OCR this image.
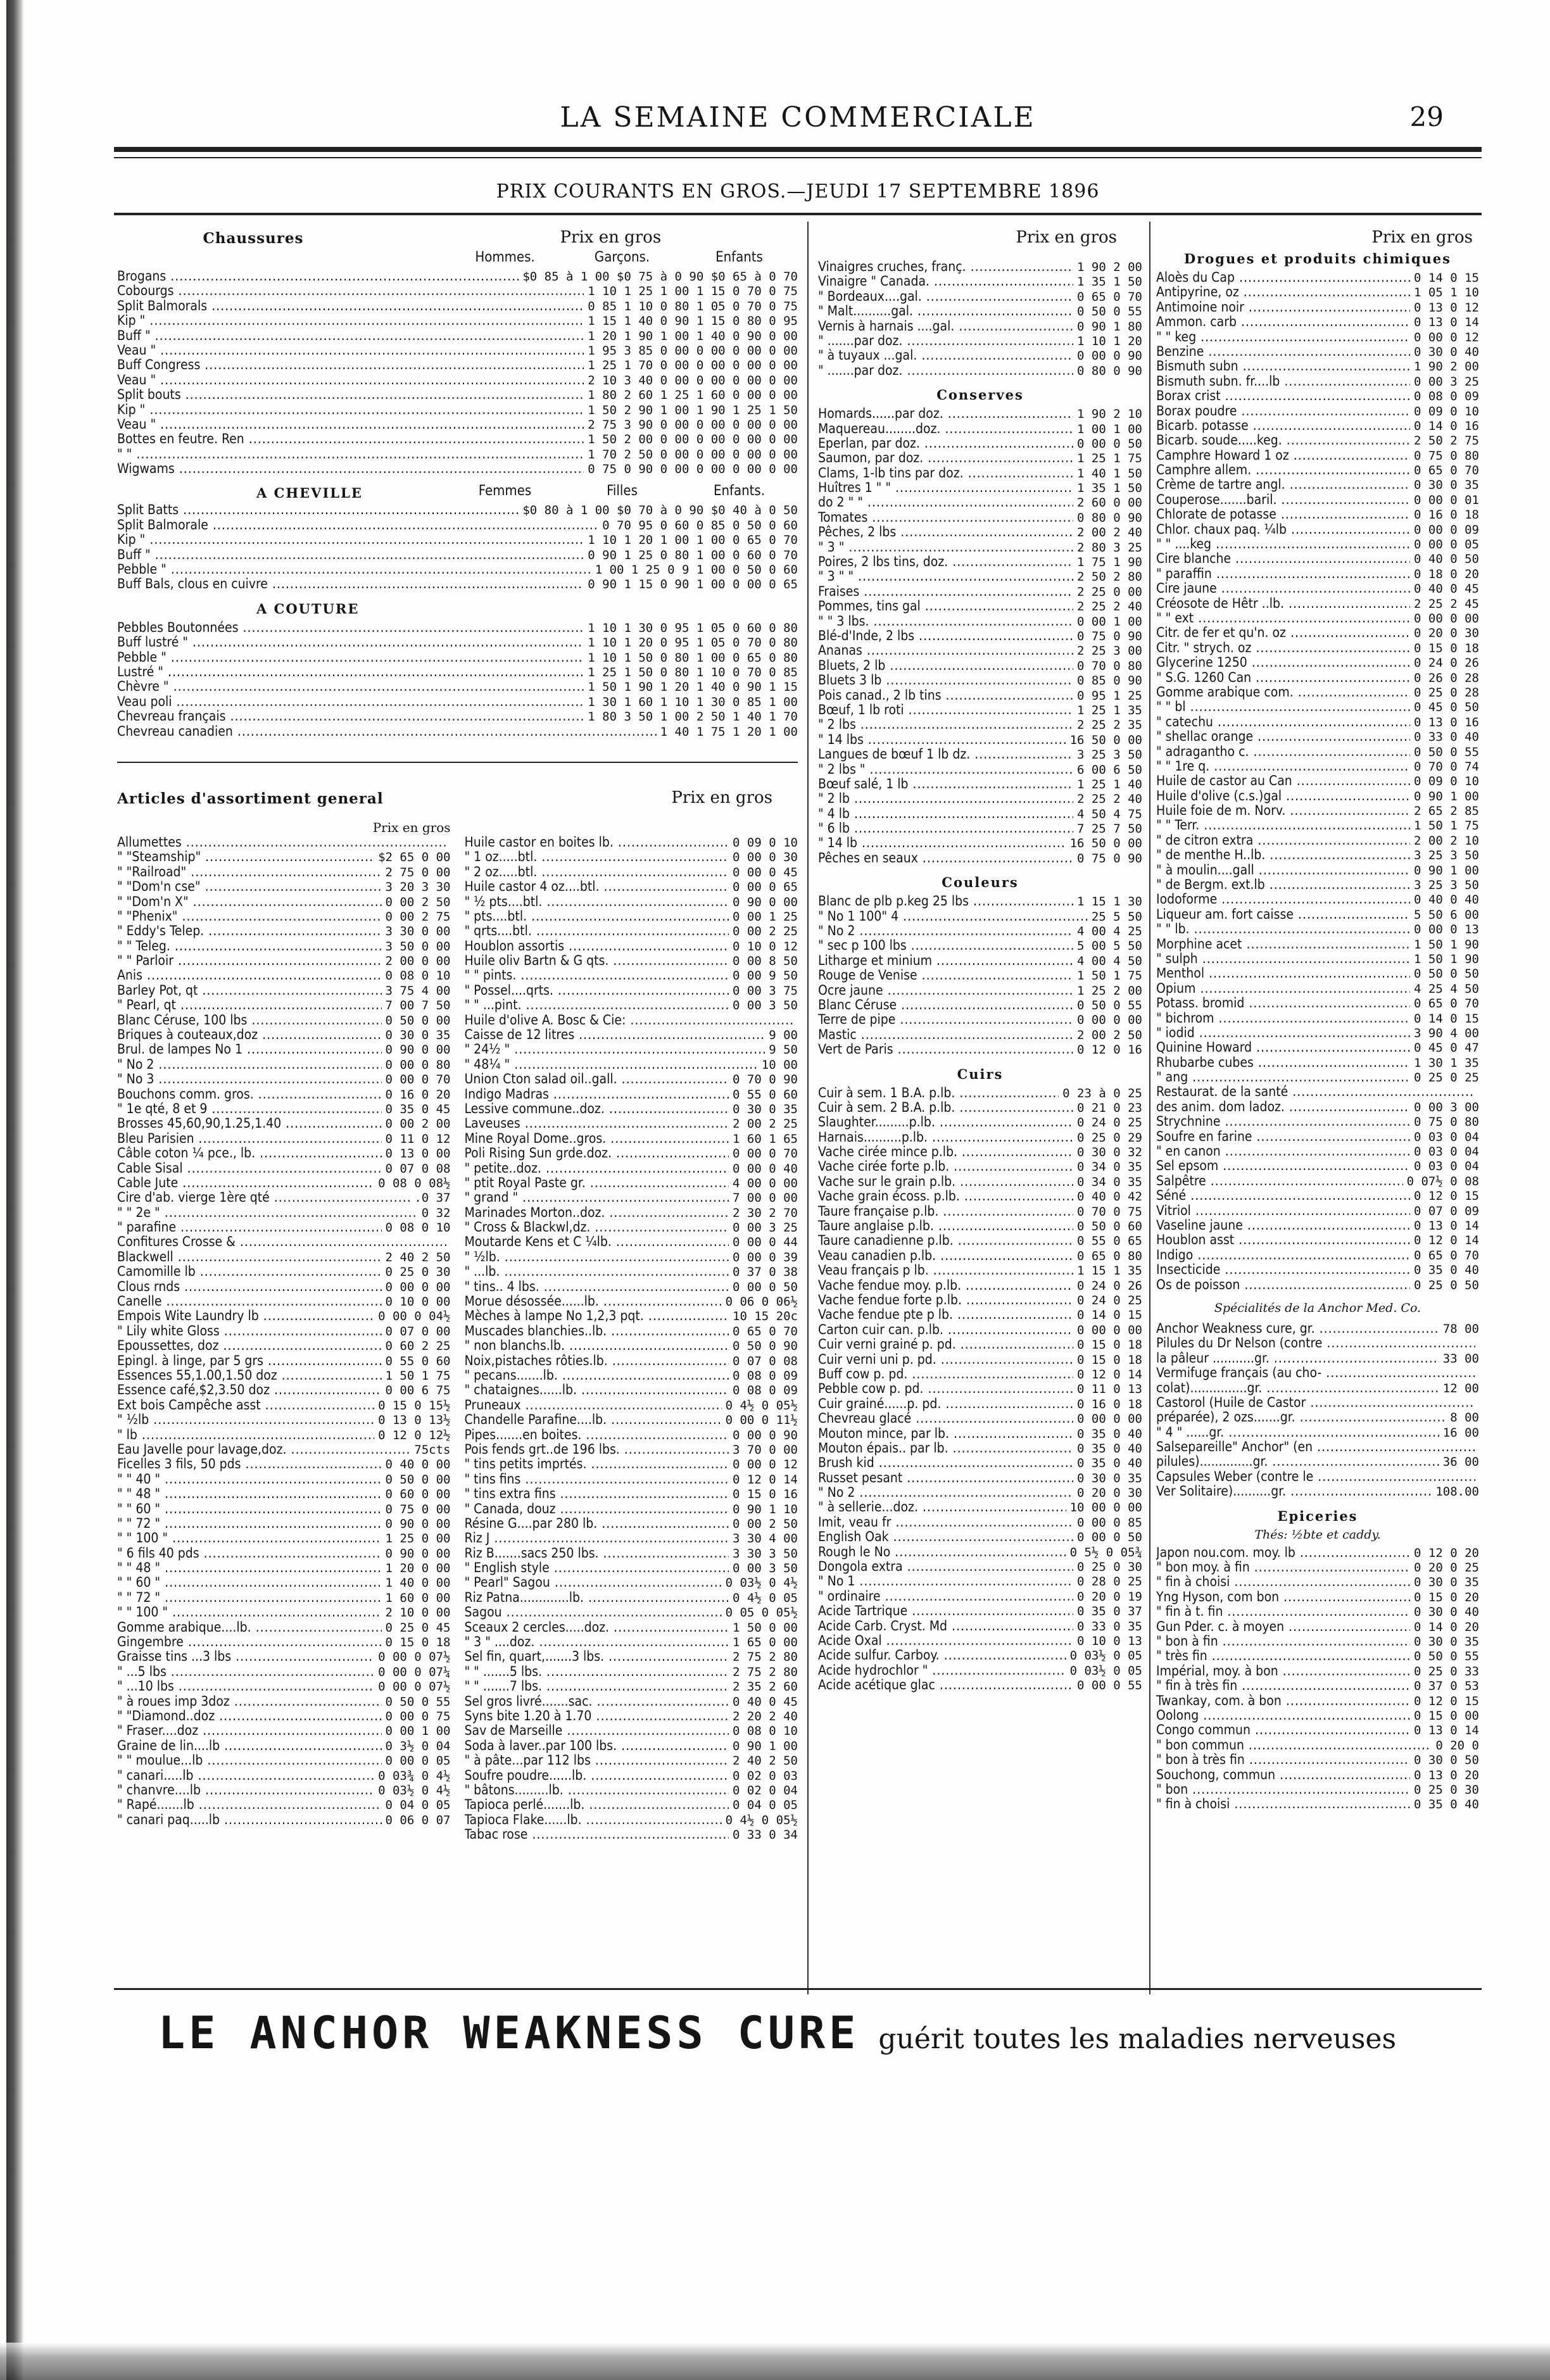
LA SEMAINE COMMERCIALE	29
PRIX COURANTS EN GROS.—JEUDI 17 SEPTEMBRE 1896
Chaussures	Prix en gros
Hommes.	Garçons.	Enfants
Brogans .....	$0 85 à 1 00 $0 75 à 0 90 $0 65 à 0 70
Cobourgs .....	1 10 1 25 1 00 1 15 0 70 0 75
Split Balmorals .....	0 85 1 10 0 80 1 05 0 70 0 75
Kip " .....	1 15 1 40 0 90 1 15 0 80 0 95
Buff " .....	1 20 1 90 1 00 1 40 0 90 0 00
Veau " .....	1 95 3 85 0 00 0 00 0 00 0 00
Buff Congress .....	1 25 1 70 0 00 0 00 0 00 0 00
Veau " .....	2 10 3 40 0 00 0 00 0 00 0 00
Split bouts .....	1 80 2 60 1 25 1 60 0 00 0 00
Kip " .....	1 50 2 90 1 00 1 90 1 25 1 50
Veau " .....	2 75 3 90 0 00 0 00 0 00 0 00
Bottes en feutre. Ren .....	1 50 2 00 0 00 0 00 0 00 0 00
" " .....	1 70 2 50 0 00 0 00 0 00 0 00
Wigwams .....	0 75 0 90 0 00 0 00 0 00 0 00
A CHEVILLE	Femmes	Filles	Enfants.
Split Batts .....	$0 80 à 1 00 $0 70 à 0 90 $0 40 à 0 50
Split Balmorale .....	0 70 95 0 60 0 85 0 50 0 60
Kip " .....	1 10 1 20 1 00 1 00 0 65 0 70
Buff " .....	0 90 1 25 0 80 1 00 0 60 0 70
Pebble " .....	1 00 1 25 0 9 1 00 0 50 0 60
Buff Bals, clous en cuivre .....	0 90 1 15 0 90 1 00 0 00 0 65
A COUTURE
Pebbles Boutonnées .....	1 10 1 30 0 95 1 05 0 60 0 80
Buff lustré " .....	1 10 1 20 0 95 1 05 0 70 0 80
Pebble " .....	1 10 1 50 0 80 1 00 0 65 0 80
Lustré " .....	1 25 1 50 0 80 1 10 0 70 0 85
Chèvre " .....	1 50 1 90 1 20 1 40 0 90 1 15
Veau poli .....	1 30 1 60 1 10 1 30 0 85 1 00
Chevreau français .....	1 80 3 50 1 00 2 50 1 40 1 70
Chevreau canadien .....	1 40 1 75 1 20 1 00
Articles d'assortiment general	Prix en gros
Prix en gros
Allumettes .....
" "Steamship" .....	$2 65 0 00
" "Railroad" .....	2 75 0 00
" "Dom'n cse" .....	3 20 3 30
" "Dom'n X" .....	0 00 2 50
" "Phenix" .....	0 00 2 75
" Eddy's Telep. .....	3 30 0 00
" " Teleg. .....	3 50 0 00
" " Parloir .....	2 00 0 00
Anis .....	0 08 0 10
Barley Pot, qt .....	3 75 4 00
" Pearl, qt .....	7 00 7 50
Blanc Céruse, 100 lbs .....	0 50 0 00
Briques à couteaux,doz .....	0 30 0 35
Brul. de lampes No 1 .....	0 90 0 00
" No 2 .....	0 00 0 80
" No 3 .....	0 00 0 70
Bouchons comm. gros. .....	0 16 0 20
" 1e qté, 8 et 9 .....	0 35 0 45
Brosses 45,60,90,1.25,1.40 .....	0 00 2 00
Bleu Parisien .....	0 11 0 12
Câble coton ¼ pce., lb. .....	0 13 0 00
Cable Sisal .....	0 07 0 08
Cable Jute .....	0 08 0 08½
Cire d'ab. vierge 1ère qté .....	.0 37
" " 2e " .....	0 32
" parafine .....	0 08 0 10
Confitures Crosse & .....
Blackwell .....	2 40 2 50
Camomille lb .....	0 25 0 30
Clous rnds .....	0 00 0 00
Canelle .....	0 10 0 00
Empois Wite Laundry lb .....	0 00 0 04½
" Lily white Gloss .....	0 07 0 00
Epoussettes, doz .....	0 60 2 25
Epingl. à linge, par 5 grs .....	0 55 0 60
Essences 55,1.00,1.50 doz .....	1 50 1 75
Essence café,$2,3.50 doz .....	0 00 6 75
Ext bois Campêche asst .....	0 15 0 15½
" ½lb .....	0 13 0 13½
" lb .....	0 12 0 12½
Eau Javelle pour lavage,doz. .....	75cts
Ficelles 3 fils, 50 pds .....	0 40 0 00
" " 40 " .....	0 50 0 00
" " 48 " .....	0 60 0 00
" " 60 " .....	0 75 0 00
" " 72 " .....	0 90 0 00
" " 100 " .....	1 25 0 00
" 6 fils 40 pds .....	0 90 0 00
" " 48 " .....	1 20 0 00
" " 60 " .....	1 40 0 00
" " 72 " .....	1 60 0 00
" " 100 " .....	2 10 0 00
Gomme arabique....lb. .....	0 25 0 45
Gingembre .....	0 15 0 18
Graisse tins ...3 lbs .....	0 00 0 07½
" ...5 lbs .....	0 00 0 07¼
" ...10 lbs .....	0 00 0 07½
" à roues imp 3doz .....	0 50 0 55
" "Diamond..doz .....	0 00 0 75
" Fraser....doz .....	0 00 1 00
Graine de lin....lb .....	0 3½ 0 04
" " moulue...lb .....	0 00 0 05
" canari.....lb .....	0 03¾ 0 4½
" chanvre....lb .....	0 03½ 0 4½
" Rapé.......lb .....	0 04 0 05
" canari paq.....lb .....	0 06 0 07
Huile castor en boites lb. .....	0 09 0 10
" 1 oz.....btl. .....	0 00 0 30
" 2 oz.....btl. .....	0 00 0 45
Huile castor 4 oz....btl. .....	0 00 0 65
" ½ pts....btl. .....	0 90 0 00
" pts....btl. .....	0 00 1 25
" qrts....btl. .....	0 00 2 25
Houblon assortis .....	0 10 0 12
Huile oliv Bartn & G qts. .....	0 00 8 50
" " pints. .....	0 00 9 50
" Possel....qrts. .....	0 00 3 75
" " ...pint. .....	0 00 3 50
Huile d'olive A. Bosc & Cie: .....
Caisse de 12 litres .....	9 00
" 24½ " .....	9 50
" 48¼ " .....	10 00
Union Cton salad oil..gall. .....	0 70 0 90
Indigo Madras .....	0 55 0 60
Lessive commune..doz. .....	0 30 0 35
Laveuses .....	2 00 2 25
Mine Royal Dome..gros. .....	1 60 1 65
Poli Rising Sun grde.doz. .....	0 00 0 70
" petite..doz. .....	0 00 0 40
" ptit Royal Paste gr. .....	4 00 0 00
" grand " .....	7 00 0 00
Marinades Morton..doz. .....	2 30 2 70
" Cross & Blackwl,dz. .....	0 00 3 25
Moutarde Kens et C ¼lb. .....	0 00 0 44
" ½lb. .....	0 00 0 39
" ...lb. .....	0 37 0 38
" tins.. 4 lbs. .....	0 00 0 50
Morue désossée......lb. .....	0 06 0 06½
Mèches à lampe No 1,2,3 pqt. .....	10 15 20c
Muscades blanchies..lb. .....	0 65 0 70
" non blanchs.lb. .....	0 50 0 90
Noix,pistaches rôties.lb. .....	0 07 0 08
" pecans.......lb. .....	0 08 0 09
" chataignes......lb. .....	0 08 0 09
Pruneaux .....	0 4½ 0 05½
Chandelle Parafine....lb. .....	0 00 0 11½
Pipes.......en boites. .....	0 00 0 90
Pois fends grt..de 196 lbs. .....	3 70 0 00
" tins petits imprtés. .....	0 00 0 12
" tins fins .....	0 12 0 14
" tins extra fins .....	0 15 0 16
" Canada, douz .....	0 90 1 10
Résine G....par 280 lb. .....	0 00 2 50
Riz J .....	3 30 4 00
Riz B.......sacs 250 lbs. .....	3 30 3 50
" English style .....	0 00 3 50
" Pearl" Sagou .....	0 03½ 0 4½
Riz Patna.............lb. .....	0 4½ 0 05
Sagou .....	0 05 0 05½
Sceaux 2 cercles.....doz. .....	1 50 0 00
" 3 " ....doz. .....	1 65 0 00
Sel fin, quart,.......3 lbs. .....	2 75 2 80
" " .......5 lbs. .....	2 75 2 80
" " .......7 lbs. .....	2 35 2 60
Sel gros livré.......sac. .....	0 40 0 45
Syns bite 1.20 à 1.70 .....	2 20 2 40
Sav de Marseille .....	0 08 0 10
Soda à laver..par 100 lbs. .....	0 90 1 00
" à pâte...par 112 lbs .....	2 40 2 50
Soufre poudre......lb. .....	0 02 0 03
" bâtons.........lb. .....	0 02 0 04
Tapioca perlé.......lb. .....	0 04 0 05
Tapioca Flake......lb. .....	0 4½ 0 05½
Tabac rose .....	0 33 0 34
Prix en gros
Vinaigres cruches, franç. .....	1 90 2 00
Vinaigre " Canada. .....	1 35 1 50
" Bordeaux....gal. .....	0 65 0 70
" Malt..........gal. .....	0 50 0 55
Vernis à harnais ....gal. .....	0 90 1 80
" .......par doz. .....	1 10 1 20
" à tuyaux ...gal. .....	0 00 0 90
" .......par doz. .....	0 80 0 90
Conserves
Homards......par doz. .....	1 90 2 10
Maquereau........doz. .....	1 00 1 00
Eperlan, par doz. .....	0 00 0 50
Saumon, par doz. .....	1 25 1 75
Clams, 1-lb tins par doz. .....	1 40 1 50
Huîtres 1 " " .....	1 35 1 50
do 2 " " .....	2 60 0 00
Tomates .....	0 80 0 90
Pêches, 2 lbs .....	2 00 2 40
" 3 " .....	2 80 3 25
Poires, 2 lbs tins, doz. .....	1 75 1 90
" 3 " " .....	2 50 2 80
Fraises .....	2 25 0 00
Pommes, tins gal .....	2 25 2 40
" " 3 lbs. .....	0 00 1 00
Blé-d'Inde, 2 lbs .....	0 75 0 90
Ananas .....	2 25 3 00
Bluets, 2 lb .....	0 70 0 80
Bluets 3 lb .....	0 85 0 90
Pois canad., 2 lb tins .....	0 95 1 25
Bœuf, 1 lb roti .....	1 25 1 35
" 2 lbs .....	2 25 2 35
" 14 lbs .....	16 50 0 00
Langues de bœuf 1 lb dz. .....	3 25 3 50
" 2 lbs " .....	6 00 6 50
Bœuf salé, 1 lb .....	1 25 1 40
" 2 lb .....	2 25 2 40
" 4 lb .....	4 50 4 75
" 6 lb .....	7 25 7 50
" 14 lb .....	16 50 0 00
Pêches en seaux .....	0 75 0 90
Couleurs
Blanc de plb p.keg 25 lbs .....	1 15 1 30
" No 1 100" 4 .....	25 5 50
" No 2 .....	4 00 4 25
" sec p 100 lbs .....	5 00 5 50
Litharge et minium .....	4 00 4 50
Rouge de Venise .....	1 50 1 75
Ocre jaune .....	1 25 2 00
Blanc Céruse .....	0 50 0 55
Terre de pipe .....	0 00 0 00
Mastic .....	2 00 2 50
Vert de Paris .....	0 12 0 16
Cuirs
Cuir à sem. 1 B.A. p.lb. .....	0 23 à 0 25
Cuir à sem. 2 B.A. p.lb. .....	0 21 0 23
Slaughter.........p.lb. .....	0 24 0 25
Harnais..........p.lb. .....	0 25 0 29
Vache cirée mince p.lb. .....	0 30 0 32
Vache cirée forte p.lb. .....	0 34 0 35
Vache sur le grain p.lb. .....	0 34 0 35
Vache grain écoss. p.lb. .....	0 40 0 42
Taure française p.lb. .....	0 70 0 75
Taure anglaise p.lb. .....	0 50 0 60
Taure canadienne p.lb. .....	0 55 0 65
Veau canadien p.lb. .....	0 65 0 80
Veau français p lb. .....	1 15 1 35
Vache fendue moy. p.lb. .....	0 24 0 26
Vache fendue forte p.lb. .....	0 24 0 25
Vache fendue pte p lb. .....	0 14 0 15
Carton cuir can. p.lb. .....	0 00 0 00
Cuir verni grainé p. pd. .....	0 15 0 18
Cuir verni uni p. pd. .....	0 15 0 18
Buff cow p. pd. .....	0 12 0 14
Pebble cow p. pd. .....	0 11 0 13
Cuir grainé......p. pd. .....	0 16 0 18
Chevreau glacé .....	0 00 0 00
Mouton mince, par lb. .....	0 35 0 40
Mouton épais.. par lb. .....	0 35 0 40
Brush kid .....	0 35 0 40
Russet pesant .....	0 30 0 35
" No 2 .....	0 20 0 30
" à sellerie...doz. .....	10 00 0 00
Imit, veau fr .....	0 00 0 85
English Oak .....	0 00 0 50
Rough le No .....	0 5½ 0 05¾
Dongola extra .....	0 25 0 30
" No 1 .....	0 28 0 25
" ordinaire .....	0 20 0 19
Acide Tartrique .....	0 35 0 37
Acide Carb. Cryst. Md .....	0 33 0 35
Acide Oxal .....	0 10 0 13
Acide sulfur. Carboy. .....	0 03½ 0 05
Acide hydrochlor " .....	0 03½ 0 05
Acide acétique glac .....	0 00 0 55
Prix en gros
Drogues et produits chimiques
Aloès du Cap .....	0 14 0 15
Antipyrine, oz .....	1 05 1 10
Antimoine noir .....	0 13 0 12
Ammon. carb .....	0 13 0 14
" " keg .....	0 00 0 12
Benzine .....	0 30 0 40
Bismuth subn .....	1 90 2 00
Bismuth subn. fr....lb .....	0 00 3 25
Borax crist .....	0 08 0 09
Borax poudre .....	0 09 0 10
Bicarb. potasse .....	0 14 0 16
Bicarb. soude.....keg. .....	2 50 2 75
Camphre Howard 1 oz .....	0 75 0 80
Camphre allem. .....	0 65 0 70
Crème de tartre angl. .....	0 30 0 35
Couperose.......baril. .....	0 00 0 01
Chlorate de potasse .....	0 16 0 18
Chlor. chaux paq. ¼lb .....	0 00 0 09
" " ....keg .....	0 00 0 05
Cire blanche .....	0 40 0 50
" paraffin .....	0 18 0 20
Cire jaune .....	0 40 0 45
Créosote de Hêtr ..lb. .....	2 25 2 45
" " ext .....	0 00 0 00
Citr. de fer et qu'n. oz .....	0 20 0 30
Citr. " strych. oz .....	0 15 0 18
Glycerine 1250 .....	0 24 0 26
" S.G. 1260 Can .....	0 26 0 28
Gomme arabique com. .....	0 25 0 28
" " bl .....	0 45 0 50
" catechu .....	0 13 0 16
" shellac orange .....	0 33 0 40
" adragantho c. .....	0 50 0 55
" " 1re q. .....	0 70 0 74
Huile de castor au Can .....	0 09 0 10
Huile d'olive (c.s.)gal .....	0 90 1 00
Huile foie de m. Norv. .....	2 65 2 85
" " Terr. .....	1 50 1 75
" de citron extra .....	2 00 2 10
" de menthe H..lb. .....	3 25 3 50
" à moulin....gall .....	0 90 1 00
" de Bergm. ext.lb .....	3 25 3 50
Iodoforme .....	0 40 0 40
Liqueur am. fort caisse .....	5 50 6 00
" " lb. .....	0 00 0 13
Morphine acet .....	1 50 1 90
" sulph .....	1 50 1 90
Menthol .....	0 50 0 50
Opium .....	4 25 4 50
Potass. bromid .....	0 65 0 70
" bichrom .....	0 14 0 15
" iodid .....	3 90 4 00
Quinine Howard .....	0 45 0 47
Rhubarbe cubes .....	1 30 1 35
" ang .....	0 25 0 25
Restaurat. de la santé .....
des anim. dom ladoz. .....	0 00 3 00
Strychnine .....	0 75 0 80
Soufre en farine .....	0 03 0 04
" en canon .....	0 03 0 04
Sel epsom .....	0 03 0 04
Salpêtre .....	0 07½ 0 08
Séné .....	0 12 0 15
Vitriol .....	0 07 0 09
Vaseline jaune .....	0 13 0 14
Houblon asst .....	0 12 0 14
Indigo .....	0 65 0 70
Insecticide .....	0 35 0 40
Os de poisson .....	0 25 0 50
Spécialités de la Anchor Med. Co.
Anchor Weakness cure, gr. .....	78 00
Pilules du Dr Nelson (contre .....
la pâleur ...........gr. .....	33 00
Vermifuge français (au cho- .....
colat)...............gr. .....	12 00
Castorol (Huile de Castor .....
préparée), 2 ozs.......gr. .....	8 00
" 4 " ......gr. .....	16 00
Salsepareille" Anchor" (en .....
pilules)..............gr. .....	36 00
Capsules Weber (contre le .....
Ver Solitaire)..........gr. .....	108.00
Epiceries
Thés: ½bte et caddy.
Japon nou.com. moy. lb .....	0 12 0 20
" bon moy. à fin .....	0 20 0 25
" fin à choisi .....	0 30 0 35
Yng Hyson, com bon .....	0 15 0 20
" fin à t. fin .....	0 30 0 40
Gun Pder. c. à moyen .....	0 14 0 20
" bon à fin .....	0 30 0 35
" très fin .....	0 50 0 55
Impérial, moy. à bon .....	0 25 0 33
" fin à très fin .....	0 37 0 53
Twankay, com. à bon .....	0 12 0 15
Oolong .....	0 15 0 00
Congo commun .....	0 13 0 14
" bon commun .....	0 20 0
" bon à très fin .....	0 30 0 50
Souchong, commun .....	0 13 0 20
" bon .....	0 25 0 30
" fin à choisi .....	0 35 0 40
LE ANCHOR WEAKNESS CURE guérit toutes les maladies nerveuses
